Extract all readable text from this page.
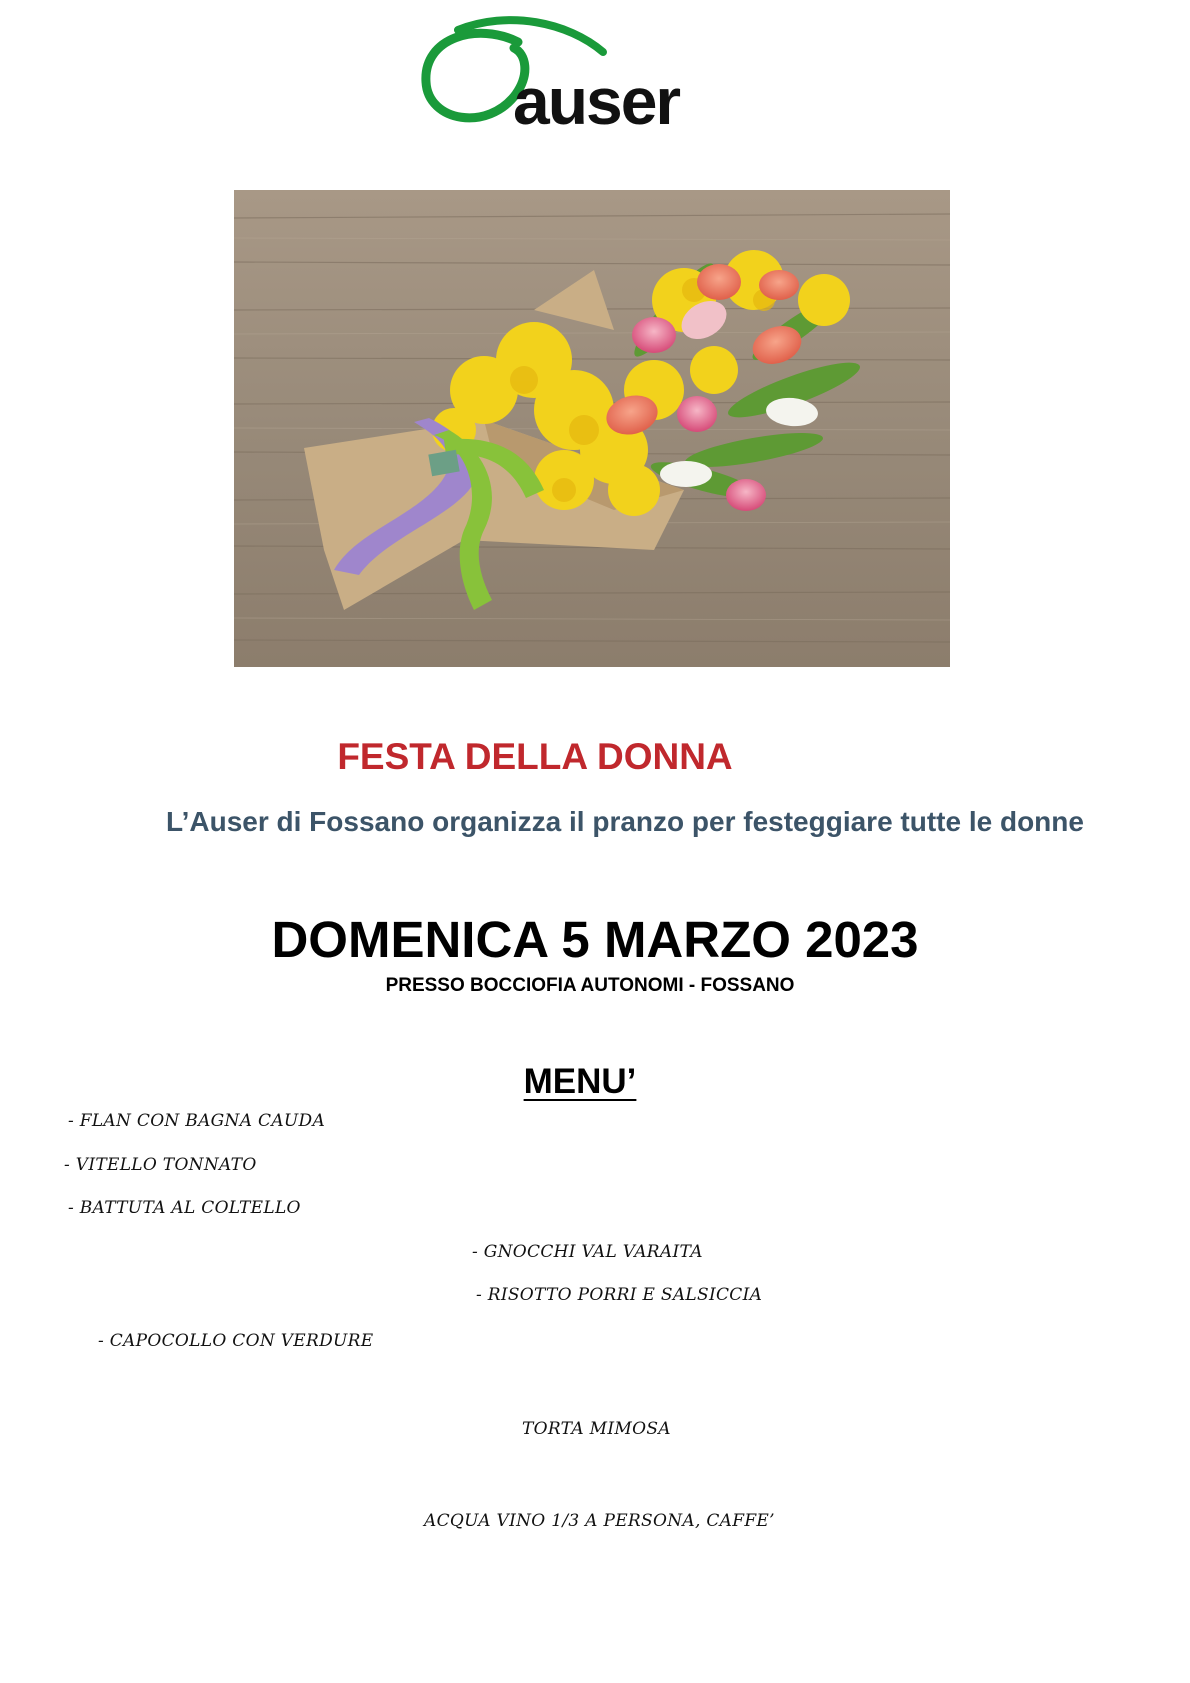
auser
FESTA DELLA DONNA
L’Auser di Fossano organizza il pranzo per festeggiare tutte le donne
DOMENICA 5 MARZO 2023
PRESSO BOCCIOFIA AUTONOMI - FOSSANO
MENU’
- FLAN CON BAGNA CAUDA
- VITELLO TONNATO
- BATTUTA AL COLTELLO
- GNOCCHI VAL VARAITA
- RISOTTO PORRI E SALSICCIA
- CAPOCOLLO CON VERDURE
TORTA MIMOSA
ACQUA VINO 1/3 A PERSONA, CAFFE’
